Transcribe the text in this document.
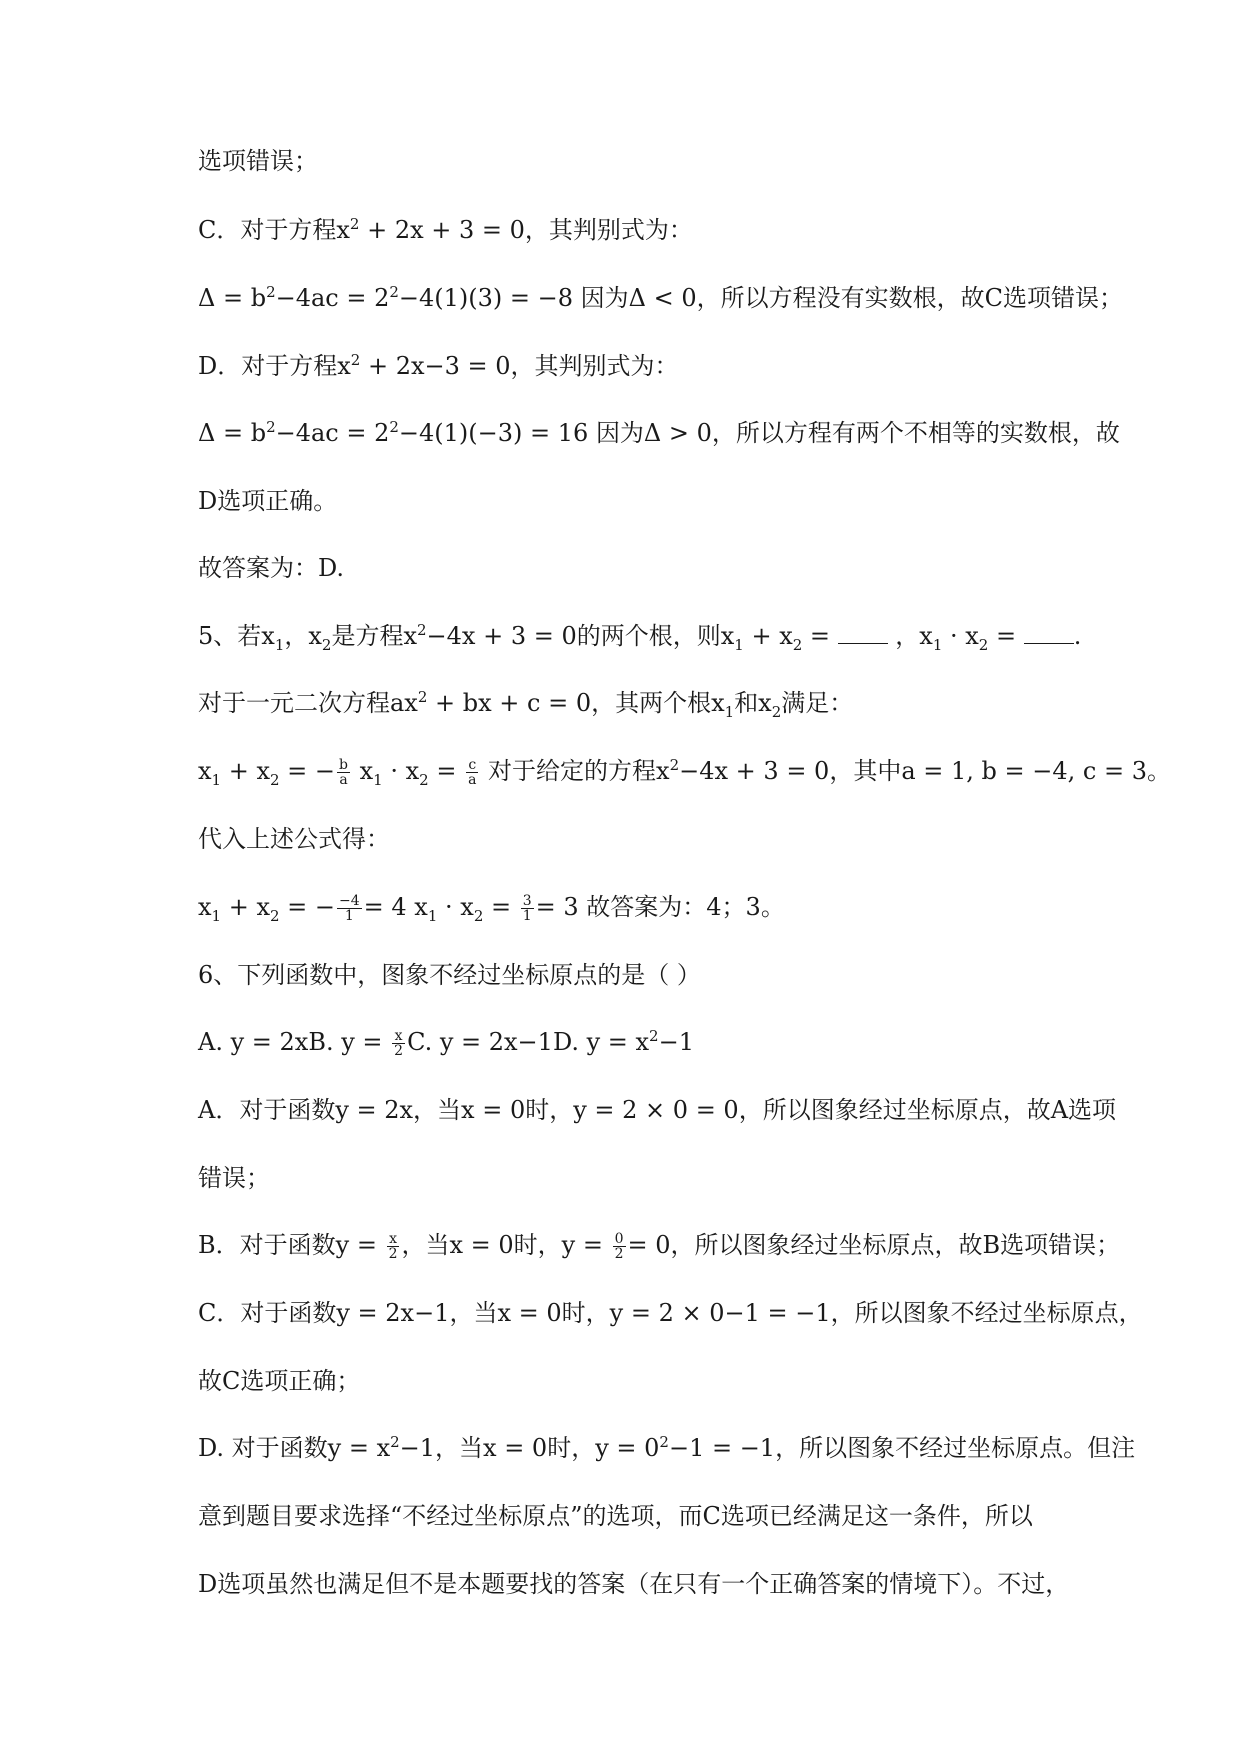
选项错误；
C．对于方程$x^2 + 2x + 3 = 0$，其判别式为：
$\Delta = b^2-4ac = 2^2-4(1)(3) = -8$ 因为Δ < 0，所以方程没有实数根，故C选项错误；
D．对于方程$x^2 + 2x-3 = 0$，其判别式为：
$\Delta = b^2-4ac = 2^2-4(1)(-3) = 16$ 因为Δ > 0，所以方程有两个不相等的实数根，故
D选项正确。
故答案为：D.
5、若$x_1$，$x_2$是方程$x^2-4x + 3 = 0$的两个根，则$x_1 + x_2$ =  ，$x_1 \cdot x_2$ = .
对于一元二次方程$ax^2$ + bx + c = 0，其两个根$x_1$和$x_2$满足：
$x_1 + x_2$ = − $\frac{b}{a} x_1 \cdot x_2 = \frac{c}{a}$ 对于给定的方程$x^2-4x + 3 = 0$，其中a = 1, b = −4, c = 3。
代入上述公式得：
$x_1 + x_2$ = − $\frac{-4}{1} = 4$ $x_1 \cdot x_2 = \frac{3}{1} = 3$ 故答案为：4；3。
6、下列函数中，图象不经过坐标原点的是（ ）
A. y = 2xB. $y = \frac{x}{2} C$. y = 2x−1D. $y = x^2-1$
A．对于函数y = 2x，当x = 0时，y = 2 × 0 = 0，所以图象经过坐标原点，故A选项
错误；
B．对于函数$y = \frac{x}{2}$ ，当x = 0时，$y = \frac{0}{2} = 0$，所以图象经过坐标原点，故B选项错误；
C．对于函数y = 2x−1，当x = 0时，y = 2 × 0−1 = −1，所以图象不经过坐标原点，
故C选项正确；
D. 对于函数$y = x^2-1$，当x = 0时，$y = 0^2-1 = -1$，所以图象不经过坐标原点。但注
意到题目要求选择“不经过坐标原点”的选项，而C选项已经满足这一条件，所以
D选项虽然也满足但不是本题要找的答案（在只有一个正确答案的情境下）。不过，
